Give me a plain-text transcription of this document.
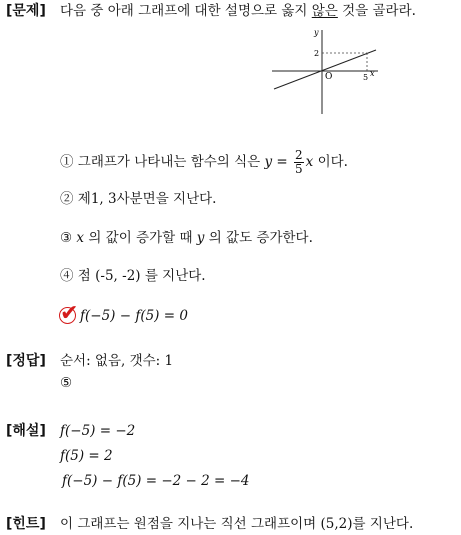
[문제] 다음 중 아래 그래프에 대한 설명으로 옳지 않은 것을 골라라.
y
x
2
5
O
① 그래프가 나타내는 함수의 식은 $y = \frac{2}{5}$ x 이다.
② 제1, 3사분면을 지난다.
③ x 의 값이 증가할 때 y 의 값도 증가한다.
④ 점 (-5, -2) 를 지난다.
✔ f(−5) − f(5) = 0
[정답] 순서: 없음, 갯수: 1
⑤
[해설] f(−5) = −2
f(5) = 2
f(−5) − f(5) = −2 − 2 = −4
[힌트] 이 그래프는 원점을 지나는 직선 그래프이며 (5,2)를 지난다.
